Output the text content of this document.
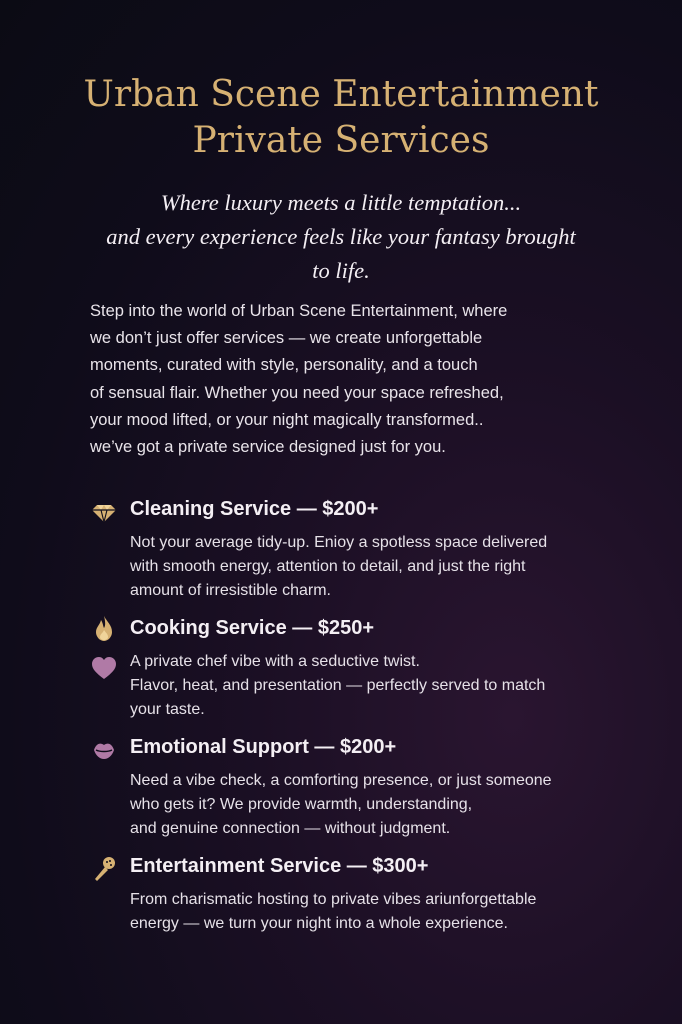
Urban Scene Entertainment
Private Services

Where luxury meets a little temptation...
and every experience feels like your fantasy brought
to life.

Step into the world of Urban Scene Entertainment, where
we don’t just offer services — we create unforgettable
moments, curated with style, personality, and a touch
of sensual flair. Whether you need your space refreshed,
your mood lifted, or your night magically transformed..
we’ve got a private service designed just for you.

Cleaning Service — $200+

Not your average tidy-up. Enioy a spotless space delivered
with smooth energy, attention to detail, and just the right
amount of irresistible charm.

Cooking Service — $250+

A private chef vibe with a seductive twist.
Flavor, heat, and presentation — perfectly served to match
your taste.

Emotional Support — $200+

Need a vibe check, a comforting presence, or just someone
who gets it? We provide warmth, understanding,
and genuine connection — without judgment.

Entertainment Service — $300+

From charismatic hosting to private vibes ariunforgettable
energy — we turn your night into a whole experience.
